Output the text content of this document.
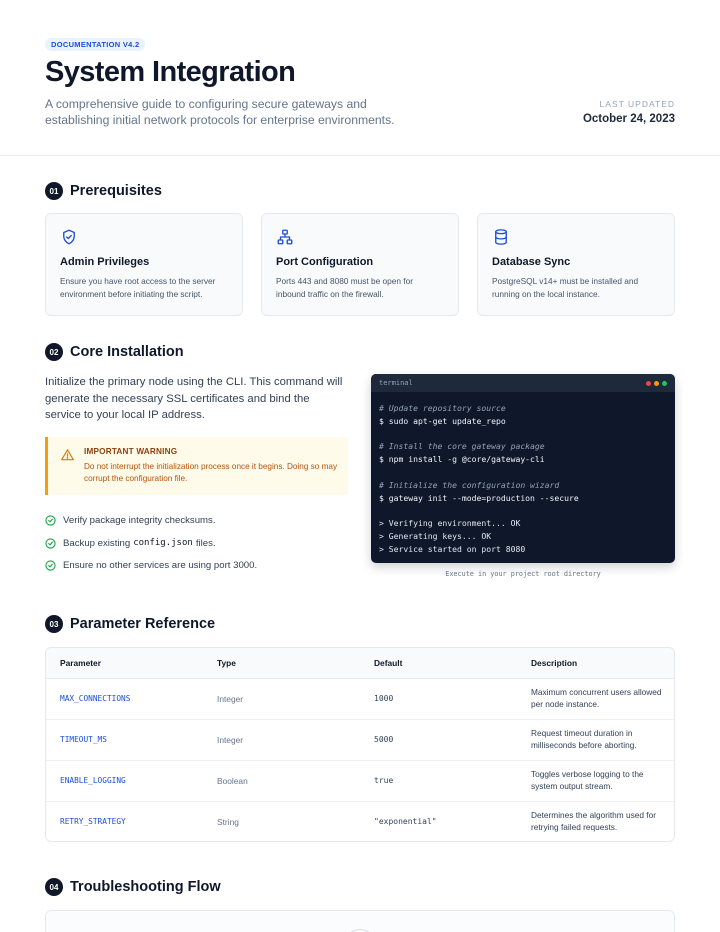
DOCUMENTATION V4.2
System Integration

A comprehensive guide to configuring secure gateways and establishing initial network protocols for enterprise environments.

LAST UPDATED
October 24, 2023
01 Prerequisites
Admin Privileges
Ensure you have root access to the server environment before initiating the script.
Port Configuration
Ports 443 and 8080 must be open for inbound traffic on the firewall.
Database Sync
PostgreSQL v14+ must be installed and running on the local instance.
02 Core Installation

Initialize the primary node using the CLI. This command will generate the necessary SSL certificates and bind the service to your local IP address.

IMPORTANT WARNING
Do not interrupt the initialization process once it begins. Doing so may corrupt the configuration file.
Verify package integrity checksums.
Backup existing config.json files.
Ensure no other services are using port 3000.
terminal
# Update repository source
$ sudo apt-get update_repo
# Install the core gateway package
$ npm install -g @core/gateway-cli
# Initialize the configuration wizard
$ gateway init --mode=production --secure
> Verifying environment... OK
> Generating keys... OK
> Service started on port 8080
Execute in your project root directory
03 Parameter Reference
Parameter	Type	Default	Description
MAX_CONNECTIONS	Integer	1000	Maximum concurrent users allowed per node instance.
TIMEOUT_MS	Integer	5000	Request timeout duration in milliseconds before aborting.
ENABLE_LOGGING	Boolean	true	Toggles verbose logging to the system output stream.
RETRY_STRATEGY	String	"exponential"	Determines the algorithm used for retrying failed requests.
04 Troubleshooting Flow
